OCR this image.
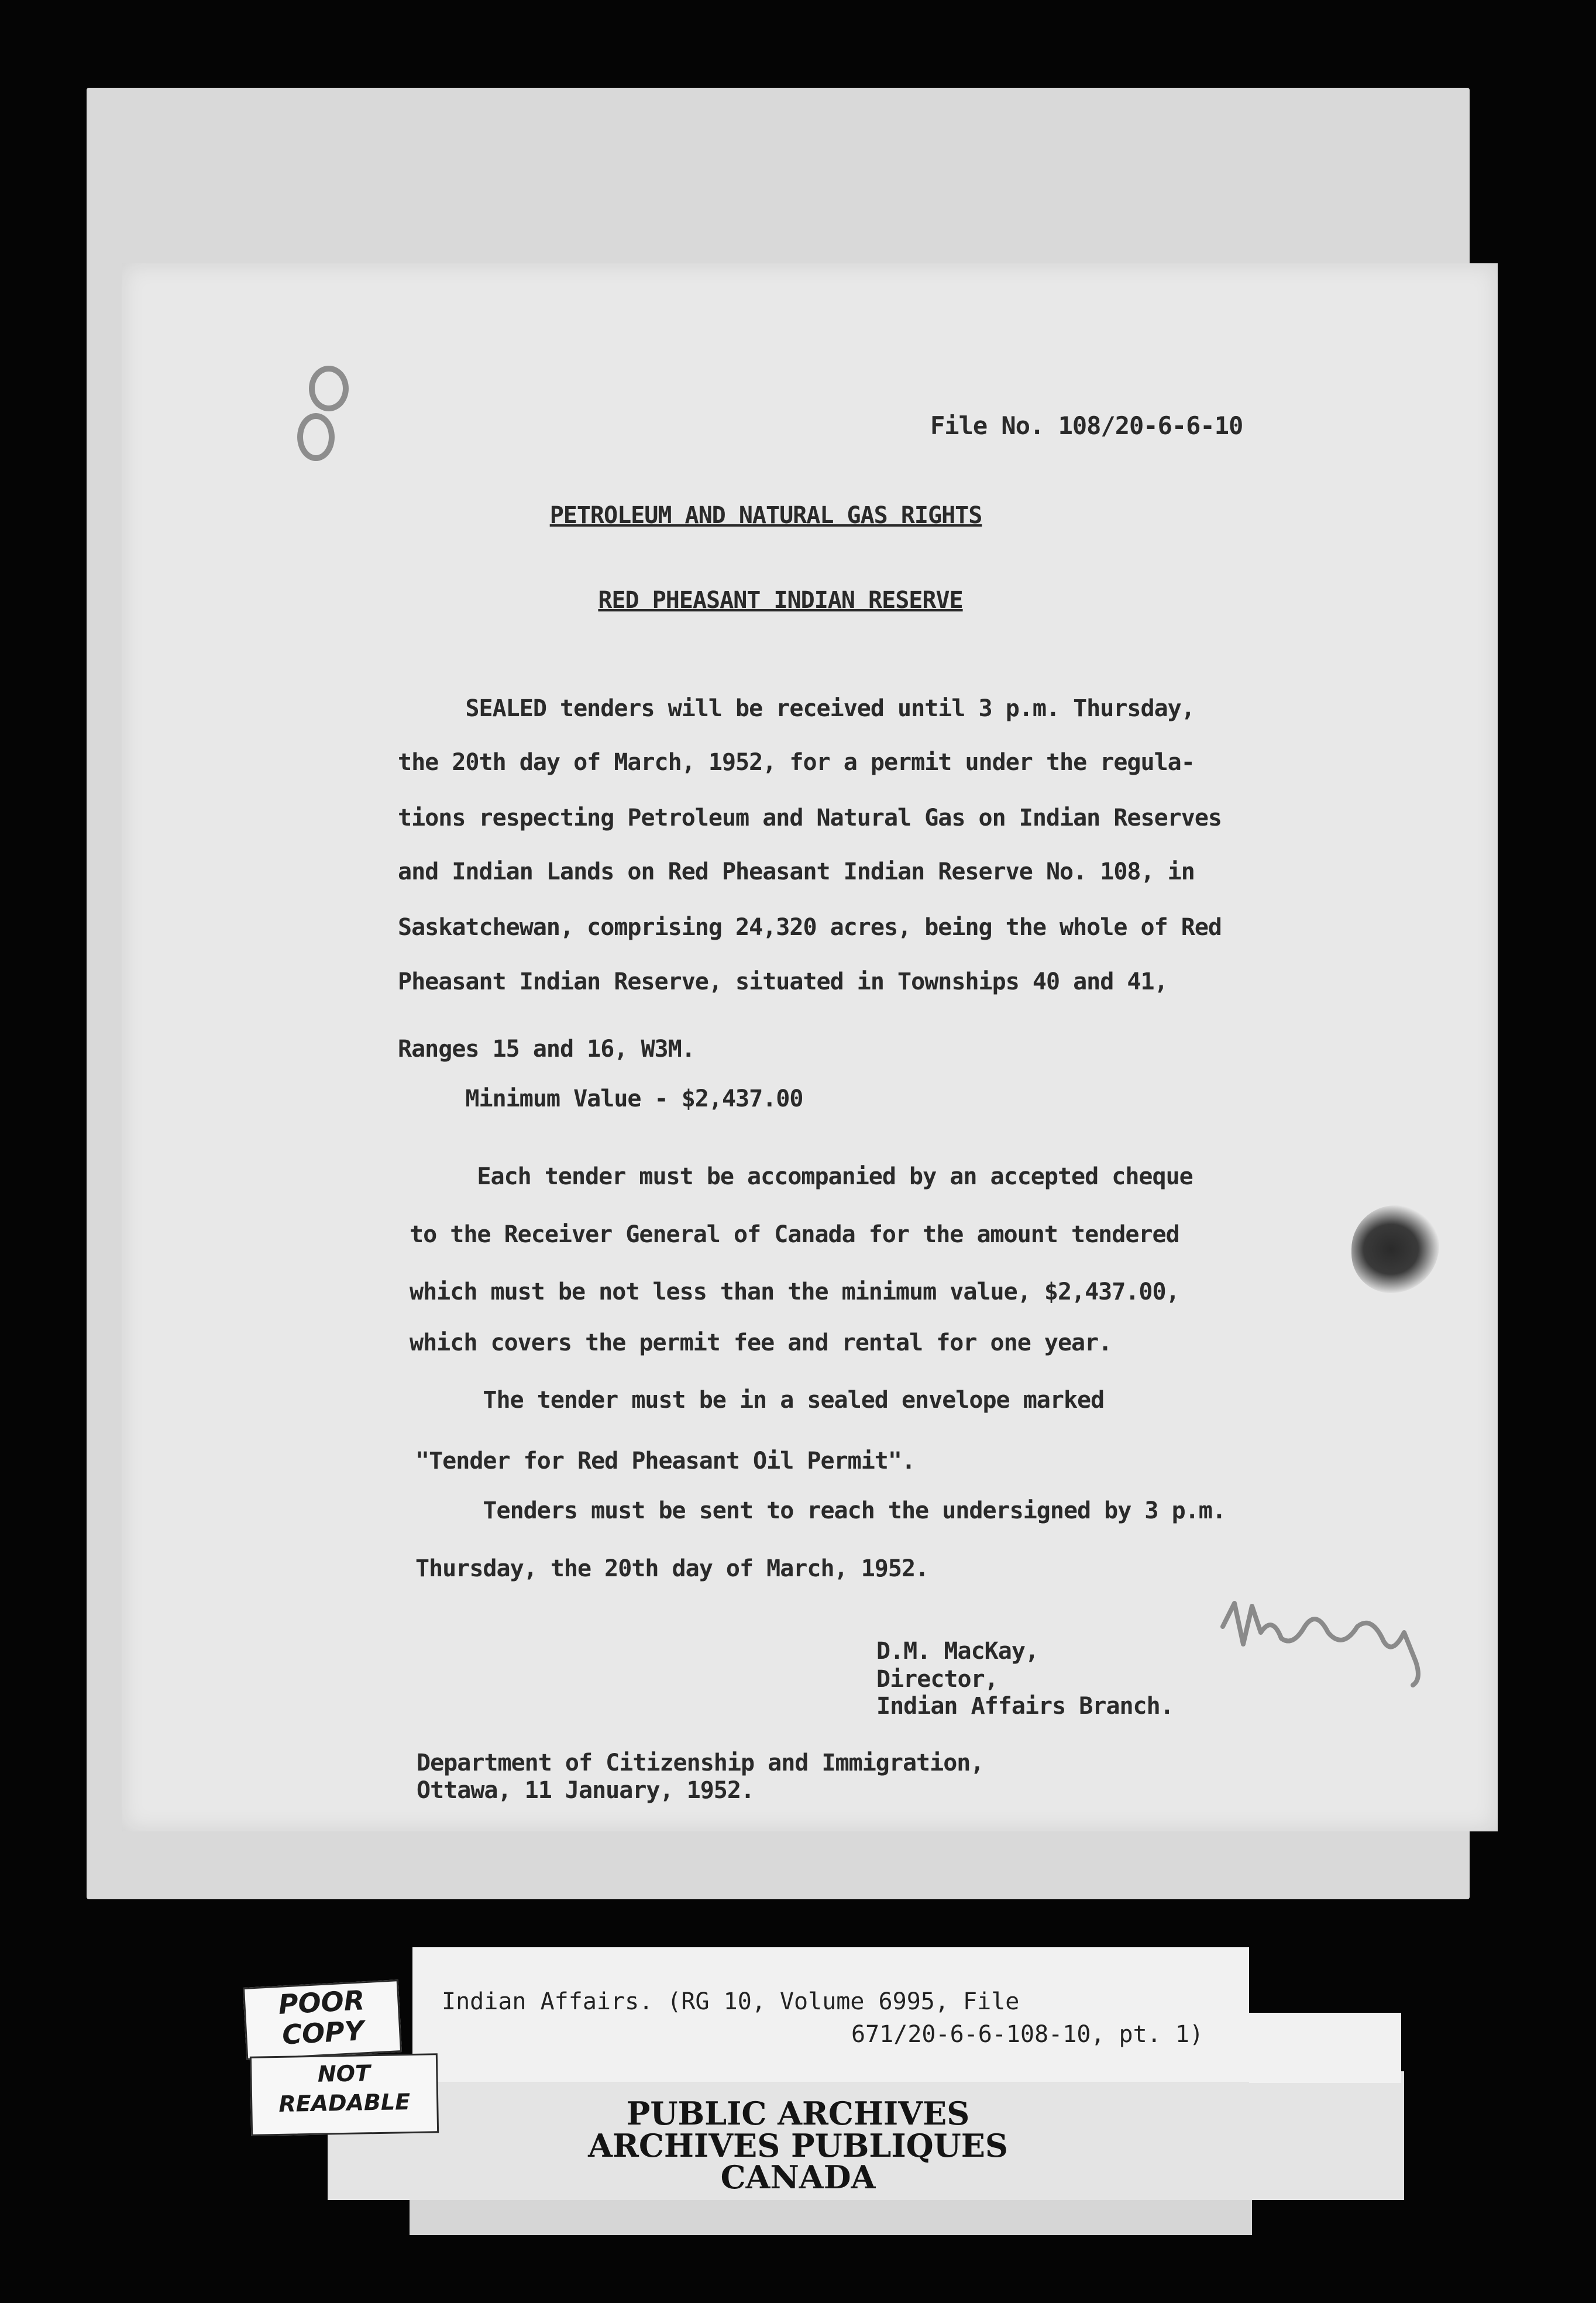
File No. 108/20-6-6-10
PETROLEUM AND NATURAL GAS RIGHTS
RED PHEASANT INDIAN RESERVE
SEALED tenders will be received until 3 p.m. Thursday,
the 20th day of March, 1952, for a permit under the regula-
tions respecting Petroleum and Natural Gas on Indian Reserves
and Indian Lands on Red Pheasant Indian Reserve No. 108, in
Saskatchewan, comprising 24,320 acres, being the whole of Red
Pheasant Indian Reserve, situated in Townships 40 and 41,
Ranges 15 and 16, W3M.
Minimum Value - $2,437.00
Each tender must be accompanied by an accepted cheque
to the Receiver General of Canada for the amount tendered
which must be not less than the minimum value, $2,437.00,
which covers the permit fee and rental for one year.
The tender must be in a sealed envelope marked
"Tender for Red Pheasant Oil Permit".
Tenders must be sent to reach the undersigned by 3 p.m.
Thursday, the 20th day of March, 1952.
D.M. MacKay,
Director,
Indian Affairs Branch.
Department of Citizenship and Immigration,
Ottawa, 11 January, 1952.
Indian Affairs. (RG 10, Volume 6995, File
671/20-6-6-108-10, pt. 1)
PUBLIC ARCHIVES
ARCHIVES PUBLIQUES
CANADA
POOR
COPY
NOT
READABLE
